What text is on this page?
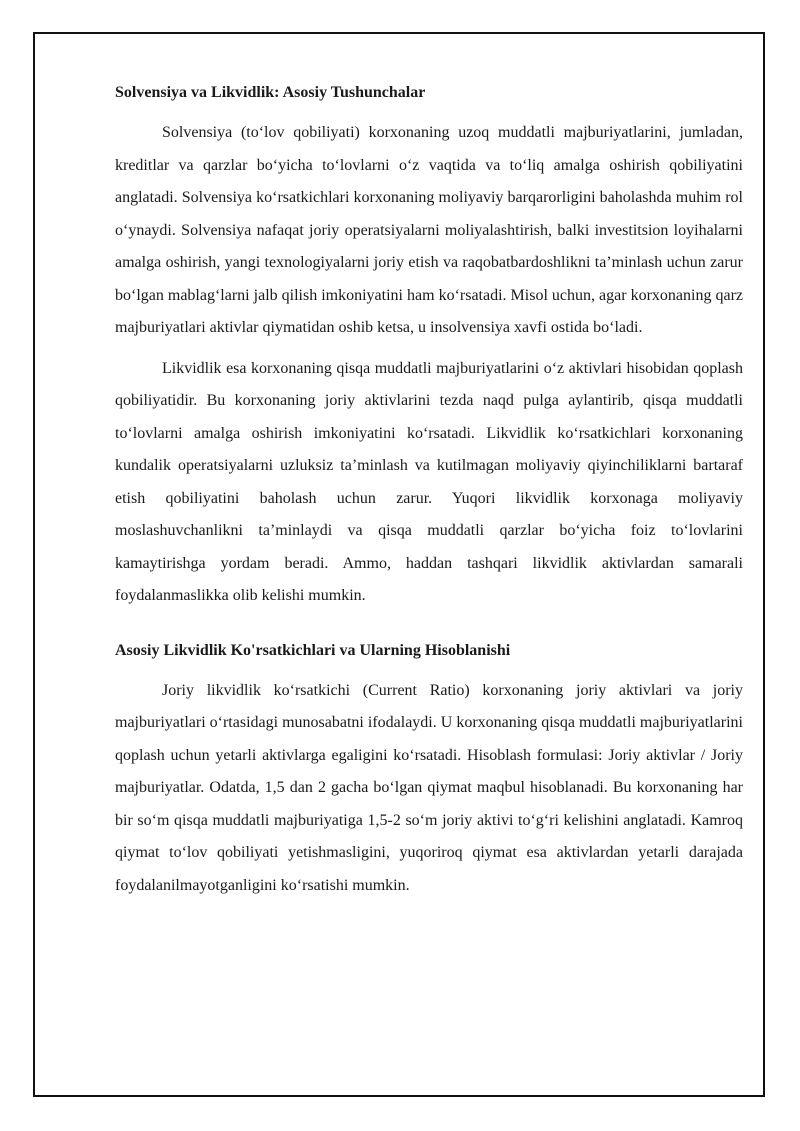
Solvensiya va Likvidlik: Asosiy Tushunchalar

Solvensiya (to‘lov qobiliyati) korxonaning uzoq muddatli majburiyatlarini, jumladan, kreditlar va qarzlar bo‘yicha to‘lovlarni o‘z vaqtida va to‘liq amalga oshirish qobiliyatini anglatadi. Solvensiya ko‘rsatkichlari korxonaning moliyaviy barqarorligini baholashda muhim rol o‘ynaydi. Solvensiya nafaqat joriy operatsiyalarni moliyalashtirish, balki investitsion loyihalarni amalga oshirish, yangi texnologiyalarni joriy etish va raqobatbardoshlikni ta’minlash uchun zarur bo‘lgan mablag‘larni jalb qilish imkoniyatini ham ko‘rsatadi. Misol uchun, agar korxonaning qarz majburiyatlari aktivlar qiymatidan oshib ketsa, u insolvensiya xavfi ostida bo‘ladi.

Likvidlik esa korxonaning qisqa muddatli majburiyatlarini o‘z aktivlari hisobidan qoplash qobiliyatidir. Bu korxonaning joriy aktivlarini tezda naqd pulga aylantirib, qisqa muddatli to‘lovlarni amalga oshirish imkoniyatini ko‘rsatadi. Likvidlik ko‘rsatkichlari korxonaning kundalik operatsiyalarni uzluksiz ta’minlash va kutilmagan moliyaviy qiyinchiliklarni bartaraf etish qobiliyatini baholash uchun zarur. Yuqori likvidlik korxonaga moliyaviy moslashuvchanlikni ta’minlaydi va qisqa muddatli qarzlar bo‘yicha foiz to‘lovlarini kamaytirishga yordam beradi. Ammo, haddan tashqari likvidlik aktivlardan samarali foydalanmaslikka olib kelishi mumkin.

Asosiy Likvidlik Ko'rsatkichlari va Ularning Hisoblanishi

Joriy likvidlik ko‘rsatkichi (Current Ratio) korxonaning joriy aktivlari va joriy majburiyatlari o‘rtasidagi munosabatni ifodalaydi. U korxonaning qisqa muddatli majburiyatlarini qoplash uchun yetarli aktivlarga egaligini ko‘rsatadi. Hisoblash formulasi: Joriy aktivlar / Joriy majburiyatlar. Odatda, 1,5 dan 2 gacha bo‘lgan qiymat maqbul hisoblanadi. Bu korxonaning har bir so‘m qisqa muddatli majburiyatiga 1,5-2 so‘m joriy aktivi to‘g‘ri kelishini anglatadi. Kamroq qiymat to‘lov qobiliyati yetishmasligini, yuqoriroq qiymat esa aktivlardan yetarli darajada foydalanilmayotganligini ko‘rsatishi mumkin.
